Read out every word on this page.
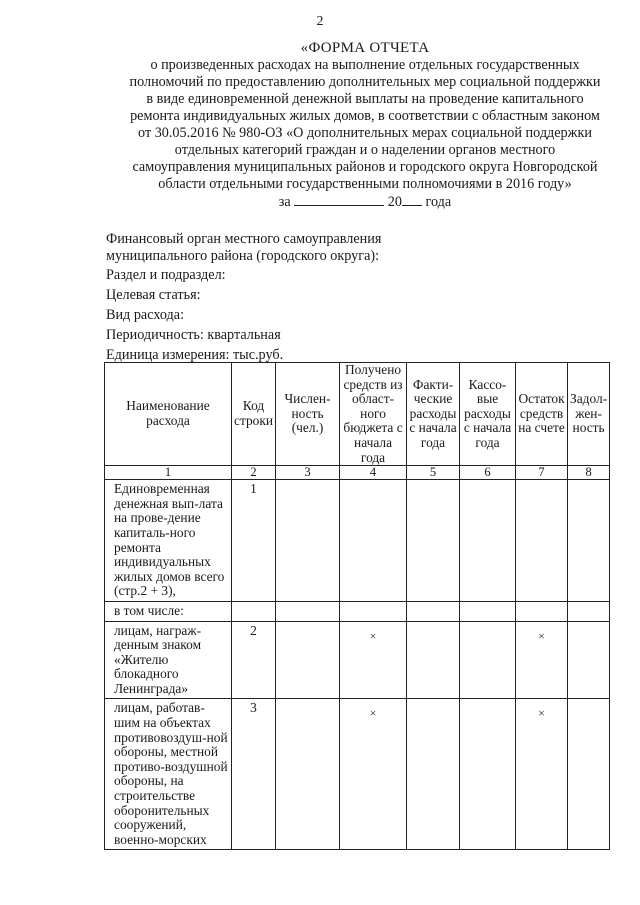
2
«ФОРМА ОТЧЕТА
о произведенных расходах на выполнение отдельных государственных
полномочий по предоставлению дополнительных мер социальной поддержки
в виде единовременной денежной выплаты на проведение капитального
ремонта индивидуальных жилых домов, в соответствии с областным законом
от 30.05.2016 № 980-ОЗ «О дополнительных мерах социальной поддержки
отдельных категорий граждан и о наделении органов местного
самоуправления муниципальных районов и городского округа Новгородской
области отдельными государственными полномочиями в 2016 году»
за	20 года
Финансовый орган местного самоуправления
муниципального района (городского округа):
Раздел и подраздел:
Целевая статья:
Вид расхода:
Периодичность: квартальная
Единица измерения: тыс.руб.
Наименование расхода	Код строки	Числен-ность (чел.)	Получено средств из област-ного бюджета с начала года	Факти-ческие расходы с начала года	Кассо-вые расходы с начала года	Остаток средств на счете	Задол-жен-ность
1	2	3	4	5	6	7	8
Единовременная денежная вып-лата на прове-дение капиталь-ного ремонта индивидуальных жилых домов всего (стр.2 + 3),	1						
в том числе:							
лицам, награж-денным знаком «Жителю блокадного Ленинграда»	2		×			×	
лицам, работав-шим на объектах противовоздуш-ной обороны, местной противо-воздушной обороны, на строительстве оборонительных сооружений, военно-морских	3		×			×	
